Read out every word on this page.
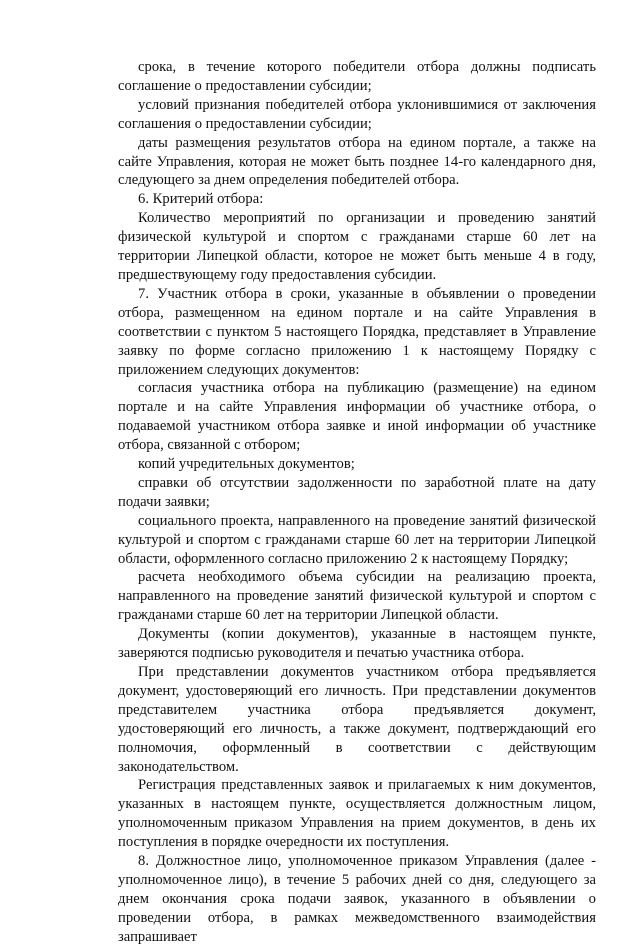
срока, в течение которого победители отбора должны подписать соглашение о предоставлении субсидии;

условий признания победителей отбора уклонившимися от заключения соглашения о предоставлении субсидии;

даты размещения результатов отбора на едином портале, а также на сайте Управления, которая не может быть позднее 14-го календарного дня, следующего за днем определения победителей отбора.

6. Критерий отбора:

Количество мероприятий по организации и проведению занятий физической культурой и спортом с гражданами старше 60 лет на территории Липецкой области, которое не может быть меньше 4 в году, предшествующему году предоставления субсидии.

7. Участник отбора в сроки, указанные в объявлении о проведении отбора, размещенном на едином портале и на сайте Управления в соответствии с пунктом 5 настоящего Порядка, представляет в Управление заявку по форме согласно приложению 1 к настоящему Порядку с приложением следующих документов:

согласия участника отбора на публикацию (размещение) на едином портале и на сайте Управления информации об участнике отбора, о подаваемой участником отбора заявке и иной информации об участнике отбора, связанной с отбором;

копий учредительных документов;

справки об отсутствии задолженности по заработной плате на дату подачи заявки;

социального проекта, направленного на проведение занятий физической культурой и спортом с гражданами старше 60 лет на территории Липецкой области, оформленного согласно приложению 2 к настоящему Порядку;

расчета необходимого объема субсидии на реализацию проекта, направленного на проведение занятий физической культурой и спортом с гражданами старше 60 лет на территории Липецкой области.

Документы (копии документов), указанные в настоящем пункте, заверяются подписью руководителя и печатью участника отбора.

При представлении документов участником отбора предъявляется документ, удостоверяющий его личность. При представлении документов представителем участника отбора предъявляется документ, удостоверяющий его личность, а также документ, подтверждающий его полномочия, оформленный в соответствии с действующим законодательством.

Регистрация представленных заявок и прилагаемых к ним документов, указанных в настоящем пункте, осуществляется должностным лицом, уполномоченным приказом Управления на прием документов, в день их поступления в порядке очередности их поступления.

8. Должностное лицо, уполномоченное приказом Управления (далее - уполномоченное лицо), в течение 5 рабочих дней со дня, следующего за днем окончания срока подачи заявок, указанного в объявлении о проведении отбора, в рамках межведомственного взаимодействия запрашивает
